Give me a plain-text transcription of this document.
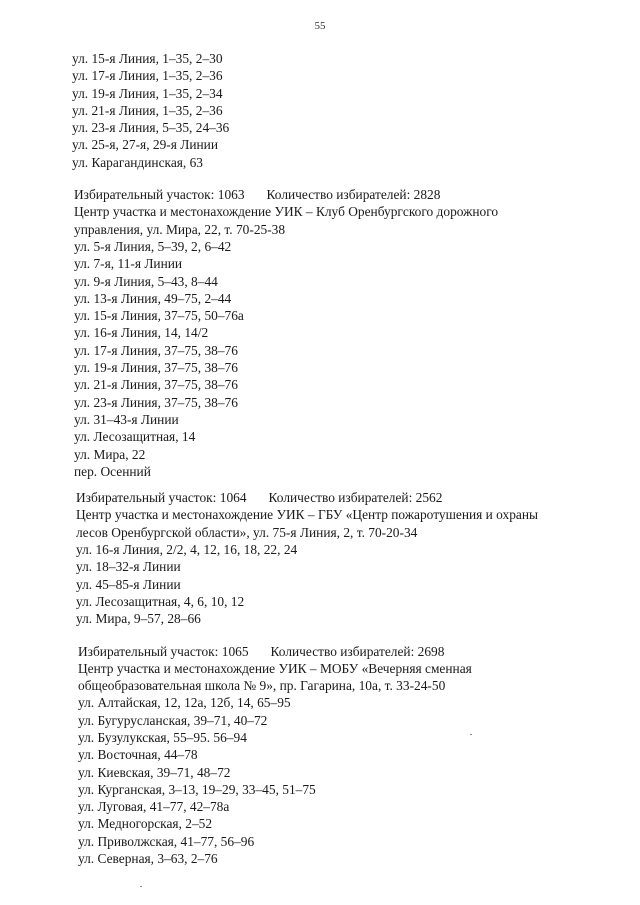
55
ул. 15-я Линия, 1–35, 2–30
ул. 17-я Линия, 1–35, 2–36
ул. 19-я Линия, 1–35, 2–34
ул. 21-я Линия, 1–35, 2–36
ул. 23-я Линия, 5–35, 24–36
ул. 25-я, 27-я, 29-я Линии
ул. Карагандинская, 63
Избирательный участок: 1063 Количество избирателей: 2828
Центр участка и местонахождение УИК – Клуб Оренбургского дорожного
управления, ул. Мира, 22, т. 70-25-38
ул. 5-я Линия, 5–39, 2, 6–42
ул. 7-я, 11-я Линии
ул. 9-я Линия, 5–43, 8–44
ул. 13-я Линия, 49–75, 2–44
ул. 15-я Линия, 37–75, 50–76а
ул. 16-я Линия, 14, 14/2
ул. 17-я Линия, 37–75, 38–76
ул. 19-я Линия, 37–75, 38–76
ул. 21-я Линия, 37–75, 38–76
ул. 23-я Линия, 37–75, 38–76
ул. 31–43-я Линии
ул. Лесозащитная, 14
ул. Мира, 22
пер. Осенний
Избирательный участок: 1064 Количество избирателей: 2562
Центр участка и местонахождение УИК – ГБУ «Центр пожаротушения и охраны
лесов Оренбургской области», ул. 75-я Линия, 2, т. 70-20-34
ул. 16-я Линия, 2/2, 4, 12, 16, 18, 22, 24
ул. 18–32-я Линии
ул. 45–85-я Линии
ул. Лесозащитная, 4, 6, 10, 12
ул. Мира, 9–57, 28–66
Избирательный участок: 1065 Количество избирателей: 2698
Центр участка и местонахождение УИК – МОБУ «Вечерняя сменная
общеобразовательная школа № 9», пр. Гагарина, 10а, т. 33-24-50
ул. Алтайская, 12, 12а, 12б, 14, 65–95
ул. Бугурусланская, 39–71, 40–72
ул. Бузулукская, 55–95. 56–94
ул. Восточная, 44–78
ул. Киевская, 39–71, 48–72
ул. Курганская, 3–13, 19–29, 33–45, 51–75
ул. Луговая, 41–77, 42–78а
ул. Медногорская, 2–52
ул. Приволжская, 41–77, 56–96
ул. Северная, 3–63, 2–76
